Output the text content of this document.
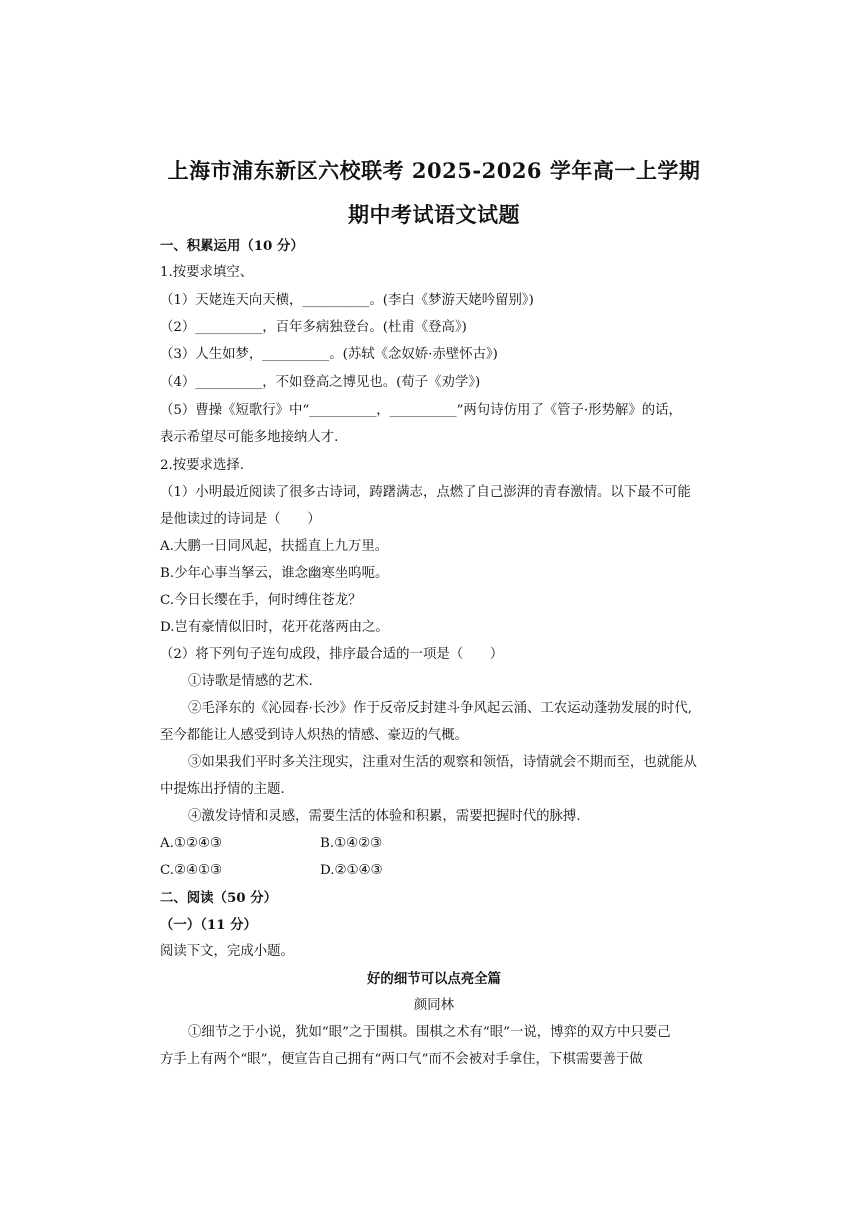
上海市浦东新区六校联考 2025-2026 学年高一上学期
期中考试语文试题
一、积累运用（10 分）
1.按要求填空、
（1）天姥连天向天横，__________。(李白《梦游天姥吟留别》)
（2）__________，百年多病独登台。(杜甫《登高》)
（3）人生如梦，__________。(苏轼《念奴娇·赤壁怀古》)
（4）__________，不如登高之博见也。(荀子《劝学》)
（5）曹操《短歌行》中“__________，__________”两句诗仿用了《管子·形势解》的话，
表示希望尽可能多地接纳人才.
2.按要求选择.
（1）小明最近阅读了很多古诗词，踌躇满志，点燃了自己澎湃的青春激情。以下最不可能
是他读过的诗词是（　　）
A.大鹏一日同风起，扶摇直上九万里。
B.少年心事当拏云，谁念幽寒坐呜呃。
C.今日长缨在手，何时缚住苍龙？
D.岂有豪情似旧时，花开花落两由之。
（2）将下列句子连句成段，排序最合适的一项是（　　）
①诗歌是情感的艺术.
②毛泽东的《沁园春·长沙》作于反帝反封建斗争风起云涌、工农运动蓬勃发展的时代,
至今都能让人感受到诗人炽热的情感、豪迈的气概。
③如果我们平时多关注现实，注重对生活的观察和领悟，诗情就会不期而至，也就能从
中提炼出抒情的主题.
④激发诗情和灵感，需要生活的体验和积累，需要把握时代的脉搏.
A.①②④③	B.①④②③
C.②④①③	D.②①④③
二、阅读（50 分）
（一）（11 分）
阅读下文，完成小题。
好的细节可以点亮全篇
颜同林
①细节之于小说，犹如“眼”之于围棋。围棋之术有“眼”一说，博弈的双方中只要己
方手上有两个“眼”，便宣告自己拥有“两口气”而不会被对手拿住，下棋需要善于做
